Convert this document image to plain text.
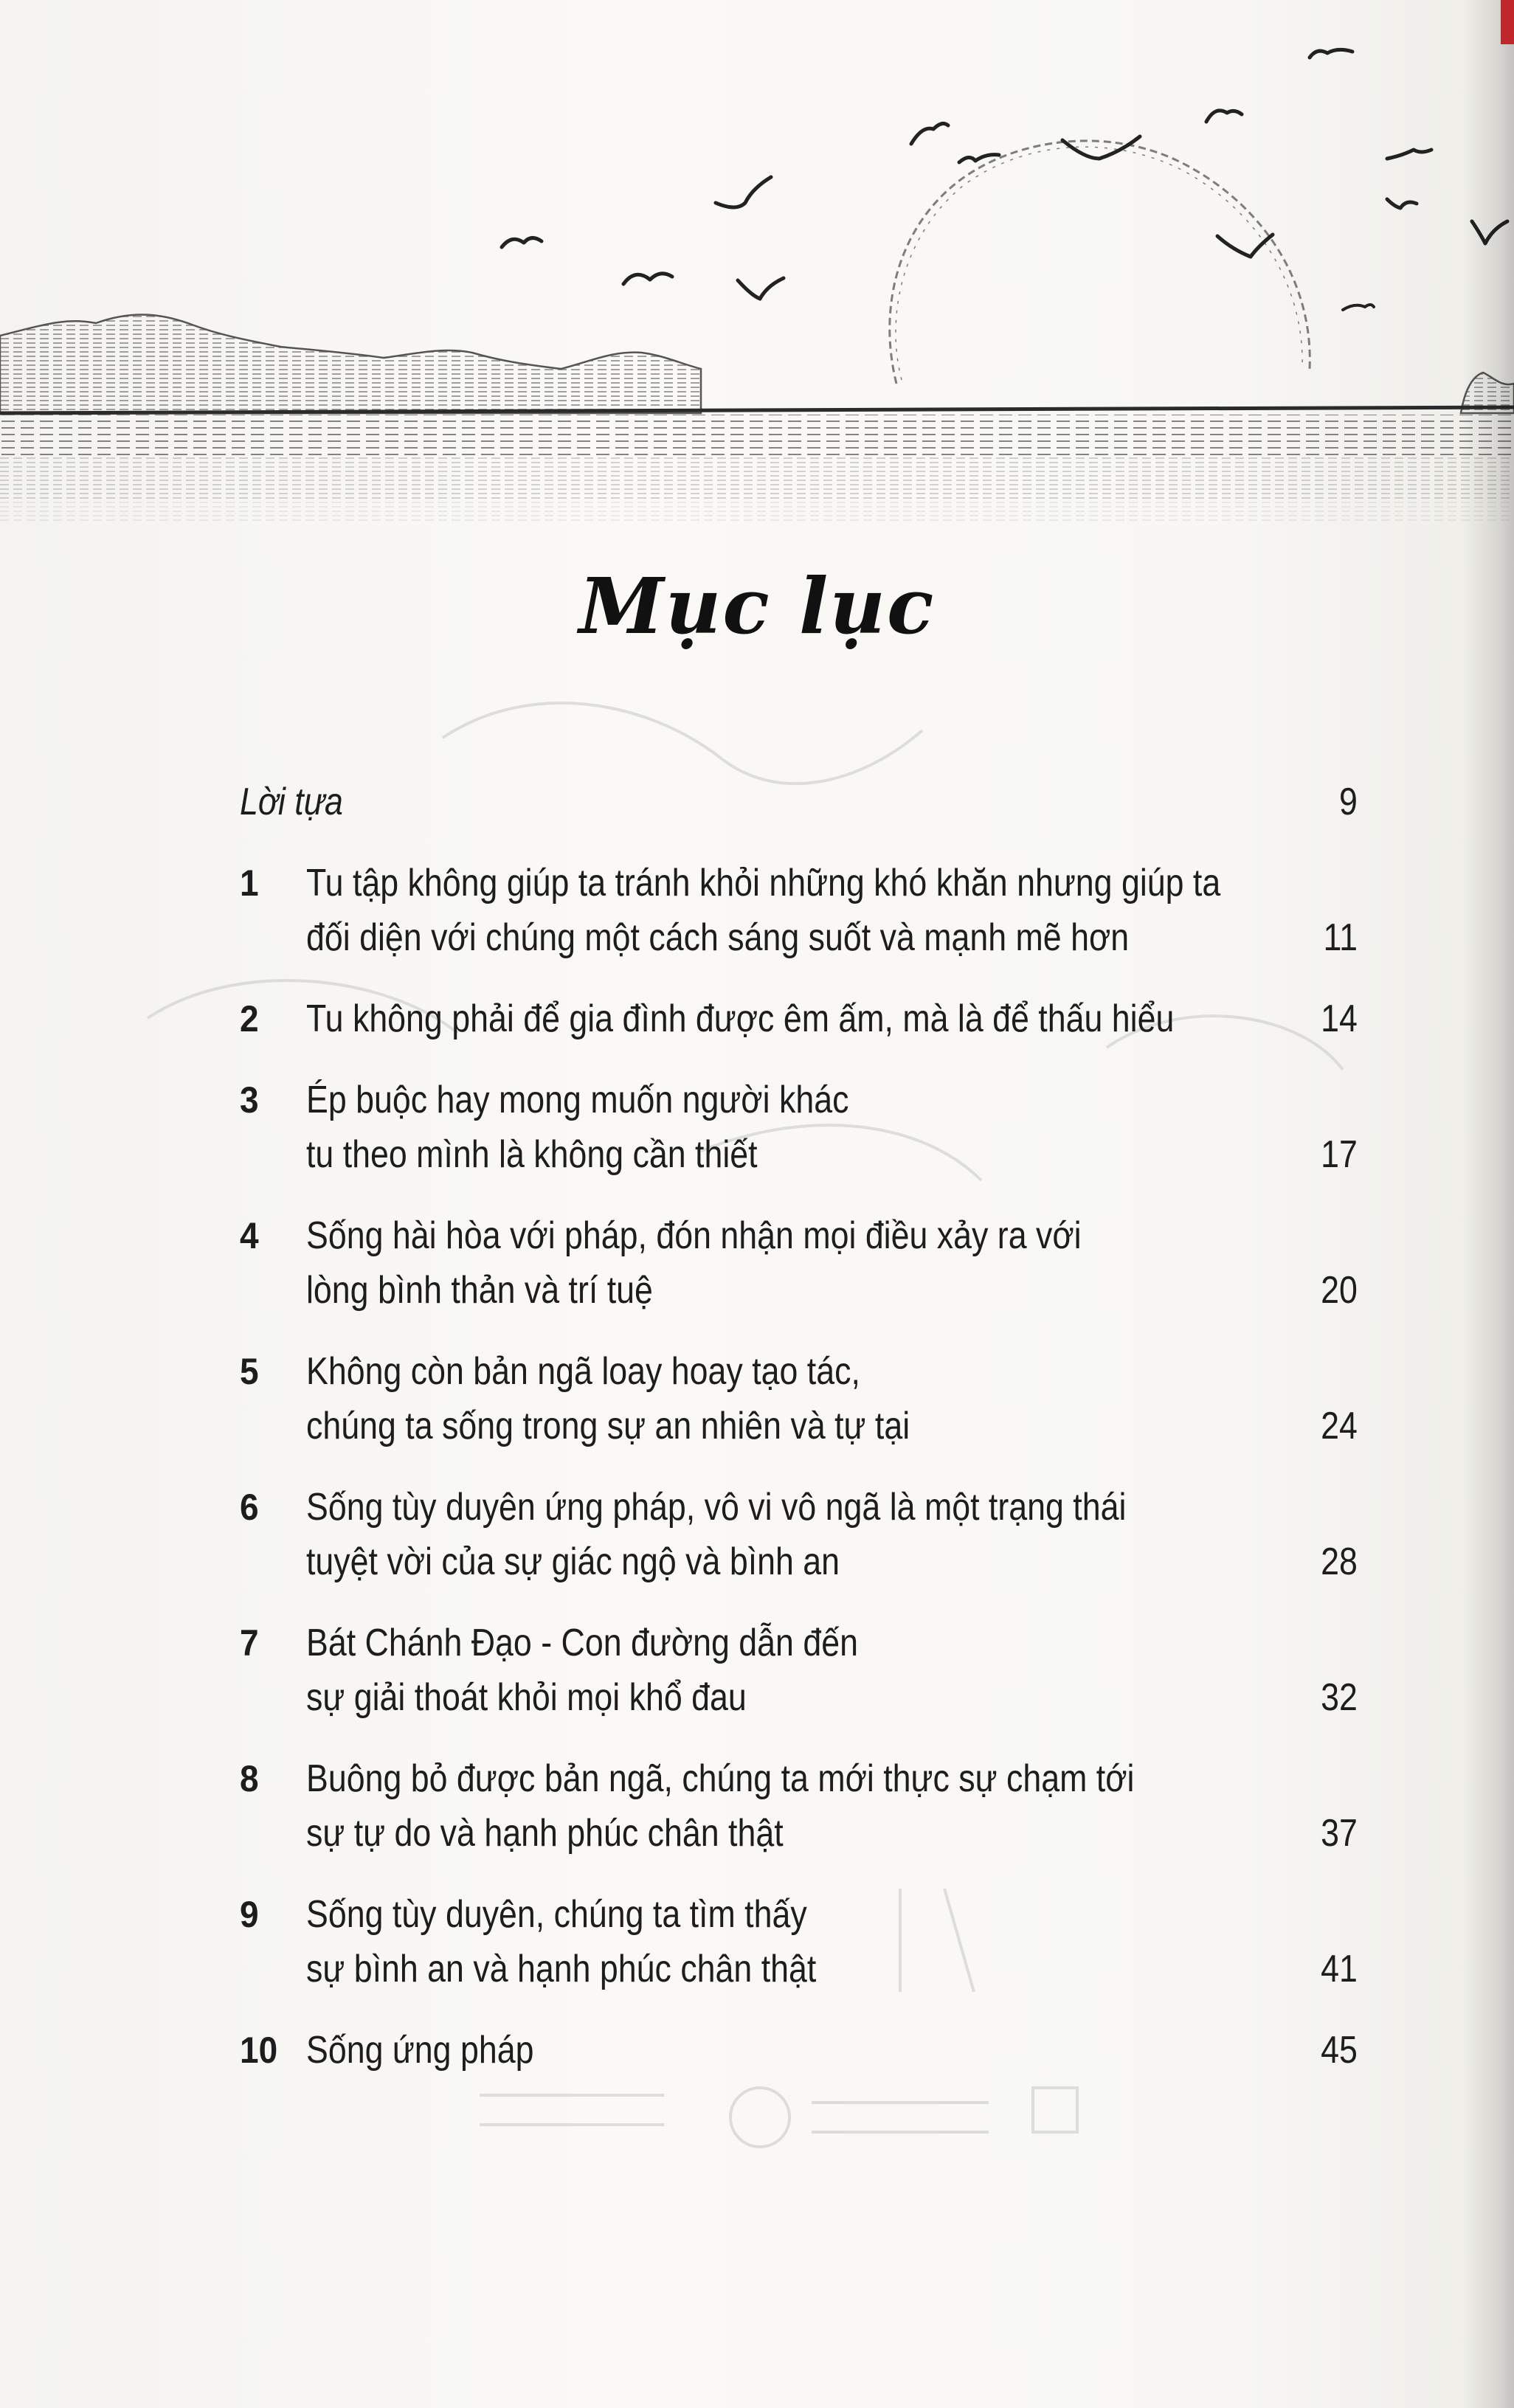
Mục lục
Lời tựa	9
1	Tu tập không giúp ta tránh khỏi những khó khăn nhưng giúp ta
đối diện với chúng một cách sáng suốt và mạnh mẽ hơn	11
2	Tu không phải để gia đình được êm ấm, mà là để thấu hiểu	14
3	Ép buộc hay mong muốn người khác
tu theo mình là không cần thiết	17
4	Sống hài hòa với pháp, đón nhận mọi điều xảy ra với
lòng bình thản và trí tuệ	20
5	Không còn bản ngã loay hoay tạo tác,
chúng ta sống trong sự an nhiên và tự tại	24
6	Sống tùy duyên ứng pháp, vô vi vô ngã là một trạng thái
tuyệt vời của sự giác ngộ và bình an	28
7	Bát Chánh Đạo - Con đường dẫn đến
sự giải thoát khỏi mọi khổ đau	32
8	Buông bỏ được bản ngã, chúng ta mới thực sự chạm tới
sự tự do và hạnh phúc chân thật	37
9	Sống tùy duyên, chúng ta tìm thấy
sự bình an và hạnh phúc chân thật	41
10 Sống ứng pháp	45
